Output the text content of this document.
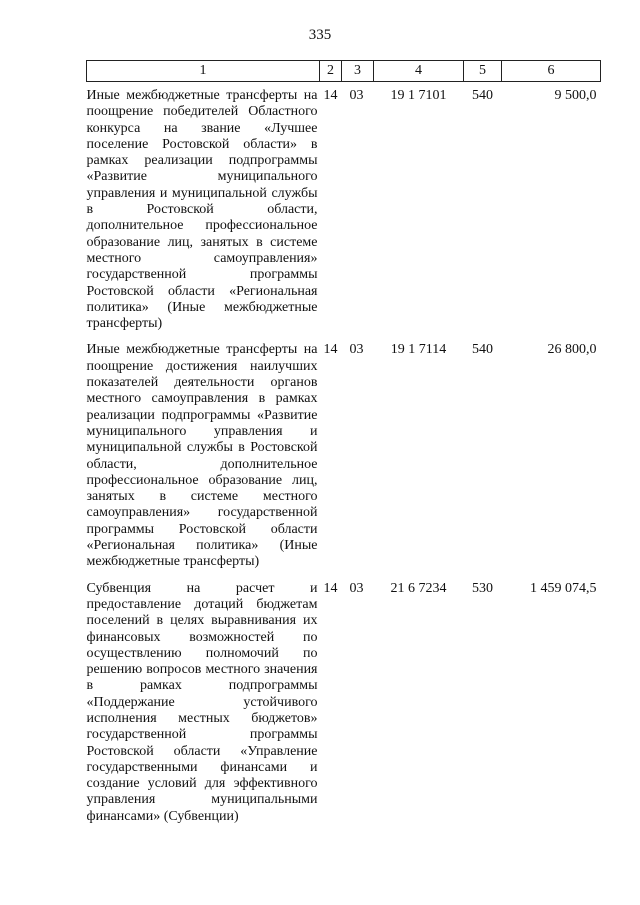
335
1	2	3	4	5	6
Иные межбюджетные трансферты на поощрение победителей Областного конкурса на звание «Лучшее поселение Ростовской области» в рамках реализации подпрограммы «Развитие муниципального управления и муниципальной службы в Ростовской области, дополнительное профессиональное образование лиц, занятых в системе местного самоуправления» государственной программы Ростовской области «Региональная политика» (Иные межбюджетные трансферты)	14	03	19 1 7101	540	9 500,0
Иные межбюджетные трансферты на поощрение достижения наилучших показателей деятельности органов местного самоуправления в рамках реализации подпрограммы «Развитие муниципального управления и муниципальной службы в Ростовской области, дополнительное профессиональное образование лиц, занятых в системе местного самоуправления» государственной программы Ростовской области «Региональная политика» (Иные межбюджетные трансферты)	14	03	19 1 7114	540	26 800,0
Субвенция на расчет и предоставление дотаций бюджетам поселений в целях выравнивания их финансовых возможностей по осуществлению полномочий по решению вопросов местного значения в рамках подпрограммы «Поддержание устойчивого исполнения местных бюджетов» государственной программы Ростовской области «Управление государственными финансами и создание условий для эффективного управления муниципальными финансами» (Субвенции)	14	03	21 6 7234	530	1 459 074,5
